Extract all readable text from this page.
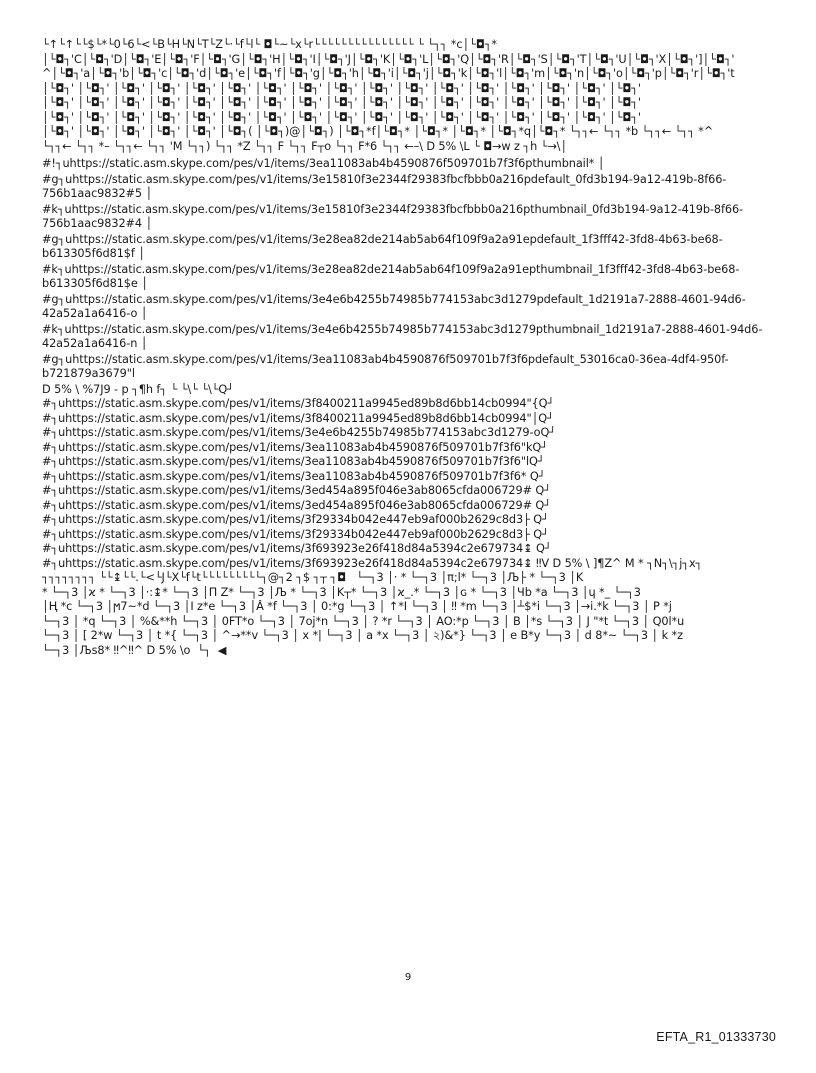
└↑└↑└└$└*└0└6└<└B└H└N└T└Z└·└f└l└ ◘└~└x└r└└└└└└└└└└└└└└└ └ └┐┐ *c│└◘┐*
│└◘┐'C│└◘┐'D│└◘┐'E│└◘┐'F│└◘┐'G│└◘┐'H│└◘┐'I│└◘┐'J│└◘┐'K│└◘┐'L│└◘┐'Q│└◘┐'R│└◘┐'S│└◘┐'T│└◘┐'U│└◘┐'X│└◘┐']│└◘┐'
^│└◘┐'a│└◘┐'b│└◘┐'c│└◘┐'d│└◘┐'e│└◘┐'f│└◘┐'g│└◘┐'h│└◘┐'i│└◘┐'j│└◘┐'k│└◘┐'l│└◘┐'m│└◘┐'n│└◘┐'o│└◘┐'p│└◘┐'r│└◘┐'t
│└◘┐' │└◘┐' │└◘┐' │└◘┐' │└◘┐' │└◘┐' │└◘┐' │└◘┐' │└◘┐' │└◘┐' │└◘┐' │└◘┐' │└◘┐' │└◘┐' │└◘┐' │└◘┐' │└◘┐'
│└◘┐' │└◘┐' │└◘┐' │└◘┐' │└◘┐' │└◘┐' │└◘┐' │└◘┐' │└◘┐' │└◘┐' │└◘┐' │└◘┐' │└◘┐' │└◘┐' │└◘┐' │└◘┐' │└◘┐'
│└◘┐' │└◘┐' │└◘┐' │└◘┐' │└◘┐' │└◘┐' │└◘┐' │└◘┐' │└◘┐' │└◘┐' │└◘┐' │└◘┐' │└◘┐' │└◘┐' │└◘┐' │└◘┐' │└◘┐'
│└◘┐' │└◘┐' │└◘┐' │└◘┐' │└◘┐' │└◘┐( │└◘┐)@│└◘┐) │└◘┐*f│└◘┐* │└◘┐* │└◘┐* │└◘┐*q│└◘┐* └┐┐← └┐┐ *b └┐┐← └┐┐ *^
└┐┐← └┐┐ *– └┐┐← └┐┐ 'M └┐┐) └┐┐ *Z └┐┐ F └┐┐ F┬o └┐┐ F*6 └┐┐ ←–\ D 5% \L └ ◘→w z ┐h └→\│
#!┐uhttps://static.asm.skype.com/pes/v1/items/3ea11083ab4b4590876f509701b7f3f6pthumbnail* │
#g┐uhttps://static.asm.skype.com/pes/v1/items/3e15810f3e2344f29383fbcfbbb0a216pdefault_0fd3b194-9a12-419b-8f66-756b1aac9832#5 │
#k┐uhttps://static.asm.skype.com/pes/v1/items/3e15810f3e2344f29383fbcfbbb0a216pthumbnail_0fd3b194-9a12-419b-8f66-756b1aac9832#4 │
#g┐uhttps://static.asm.skype.com/pes/v1/items/3e28ea82de214ab5ab64f109f9a2a91epdefault_1f3fff42-3fd8-4b63-be68-b613305f6d81$f │
#k┐uhttps://static.asm.skype.com/pes/v1/items/3e28ea82de214ab5ab64f109f9a2a91epthumbnail_1f3fff42-3fd8-4b63-be68-b613305f6d81$e │
#g┐uhttps://static.asm.skype.com/pes/v1/items/3e4e6b4255b74985b774153abc3d1279pdefault_1d2191a7-2888-4601-94d6-42a52a1a6416-o │
#k┐uhttps://static.asm.skype.com/pes/v1/items/3e4e6b4255b74985b774153abc3d1279pthumbnail_1d2191a7-2888-4601-94d6-42a52a1a6416-n │
#g┐uhttps://static.asm.skype.com/pes/v1/items/3ea11083ab4b4590876f509701b7f3f6pdefault_53016ca0-36ea-4df4-950f-b721879a3679"l
D 5% \ %7J9 - p ┐¶h f┐ └ └\└ └\└Q┘
#┐uhttps://static.asm.skype.com/pes/v1/items/3f8400211a9945ed89b8d6bb14cb0994"{Q┘
#┐uhttps://static.asm.skype.com/pes/v1/items/3f8400211a9945ed89b8d6bb14cb0994"│Q┘
#┐uhttps://static.asm.skype.com/pes/v1/items/3e4e6b4255b74985b774153abc3d1279-oQ┘
#┐uhttps://static.asm.skype.com/pes/v1/items/3ea11083ab4b4590876f509701b7f3f6"kQ┘
#┐uhttps://static.asm.skype.com/pes/v1/items/3ea11083ab4b4590876f509701b7f3f6"lQ┘
#┐uhttps://static.asm.skype.com/pes/v1/items/3ea11083ab4b4590876f509701b7f3f6* Q┘
#┐uhttps://static.asm.skype.com/pes/v1/items/3ed454a895f046e3ab8065cfda006729# Q┘
#┐uhttps://static.asm.skype.com/pes/v1/items/3ed454a895f046e3ab8065cfda006729# Q┘
#┐uhttps://static.asm.skype.com/pes/v1/items/3f29334b042e447eb9af000b2629c8d3├ Q┘
#┐uhttps://static.asm.skype.com/pes/v1/items/3f29334b042e447eb9af000b2629c8d3├ Q┘
#┐uhttps://static.asm.skype.com/pes/v1/items/3f693923e26f418d84a5394c2e679734↨ Q┘
#┐uhttps://static.asm.skype.com/pes/v1/items/3f693923e26f418d84a5394c2e679734↨ ‼V D 5% \ ]¶Z^ M * ┐N┐\┐j┐x┐
┐┐┐┐┐┐┐┐ └└↨└└.└<└J└X└f└t└└└└└└└└└┐@┐2 ┐$ ┐┬ ┐◘   └─┐3 │· * └─┐3 │π;l* └─┐3 │Љ├ * └─┐3 │K
* └─┐3 │ϰ * └─┐3 │·:↨* └─┐3 │Π Z* └─┐3 │Љ * └─┐3 │K┬* └─┐3 │ϰ_.* └─┐3 │ɢ * └─┐3 │Ɥb *a └─┐3 │ɥ *_ └─┐3
│Ң *c └─┐3 │ϻ7~*d └─┐3 │I z*e └─┐3 │Ă *f └─┐3 │ 0:*g └─┐3 │ ↑*I └─┐3 │ ‼ *m └─┐3 │┴$*i └─┐3 │→i.*k └─┐3 │ P *j
└─┐3 │ *q └─┐3 │ %&**h └─┐3 │ 0FT*o └─┐3 │ 7oj*n └─┐3 │ ? *r └─┐3 │ AO:*p └─┐3 │ B │*s └─┐3 │ J "*t └─┐3 │ Q0l*u
└─┐3 │ [ 2*w └─┐3 │ t *{ └─┐3 │ ^→**v └─┐3 │ x *| └─┐3 │ a *x └─┐3 │ ২)&*} └─┐3 │ e B*y └─┐3 │ d 8*~ └─┐3 │ k *z
└─┐3 │Љs8* ‼^‼^ D 5% \o  └┐  ◀
9
EFTA_R1_01333730
